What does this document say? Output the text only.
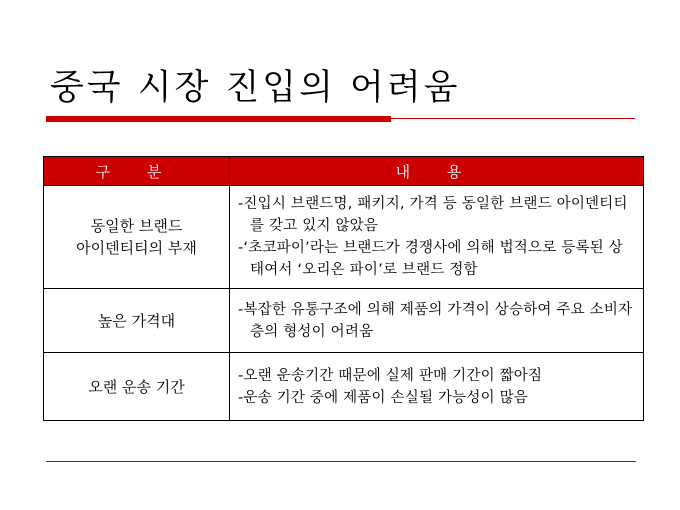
중국 시장 진입의 어려움
구 분	내 용
동일한 브랜드
아이덴티티의 부재	-진입시 브랜드명, 패키지, 가격 등 동일한 브랜드 아이덴티티를 갖고 있지 않았음
-‘초코파이’라는 브랜드가 경쟁사에 의해 법적으로 등록된 상태여서 ‘오리온 파이’로 브랜드 정함

높은 가격대	-복잡한 유통구조에 의해 제품의 가격이 상승하여 주요 소비자층의 형성이 어려움

오랜 운송 기간	-오랜 운송기간 때문에 실제 판매 기간이 짧아짐
-운송 기간 중에 제품이 손실될 가능성이 많음
